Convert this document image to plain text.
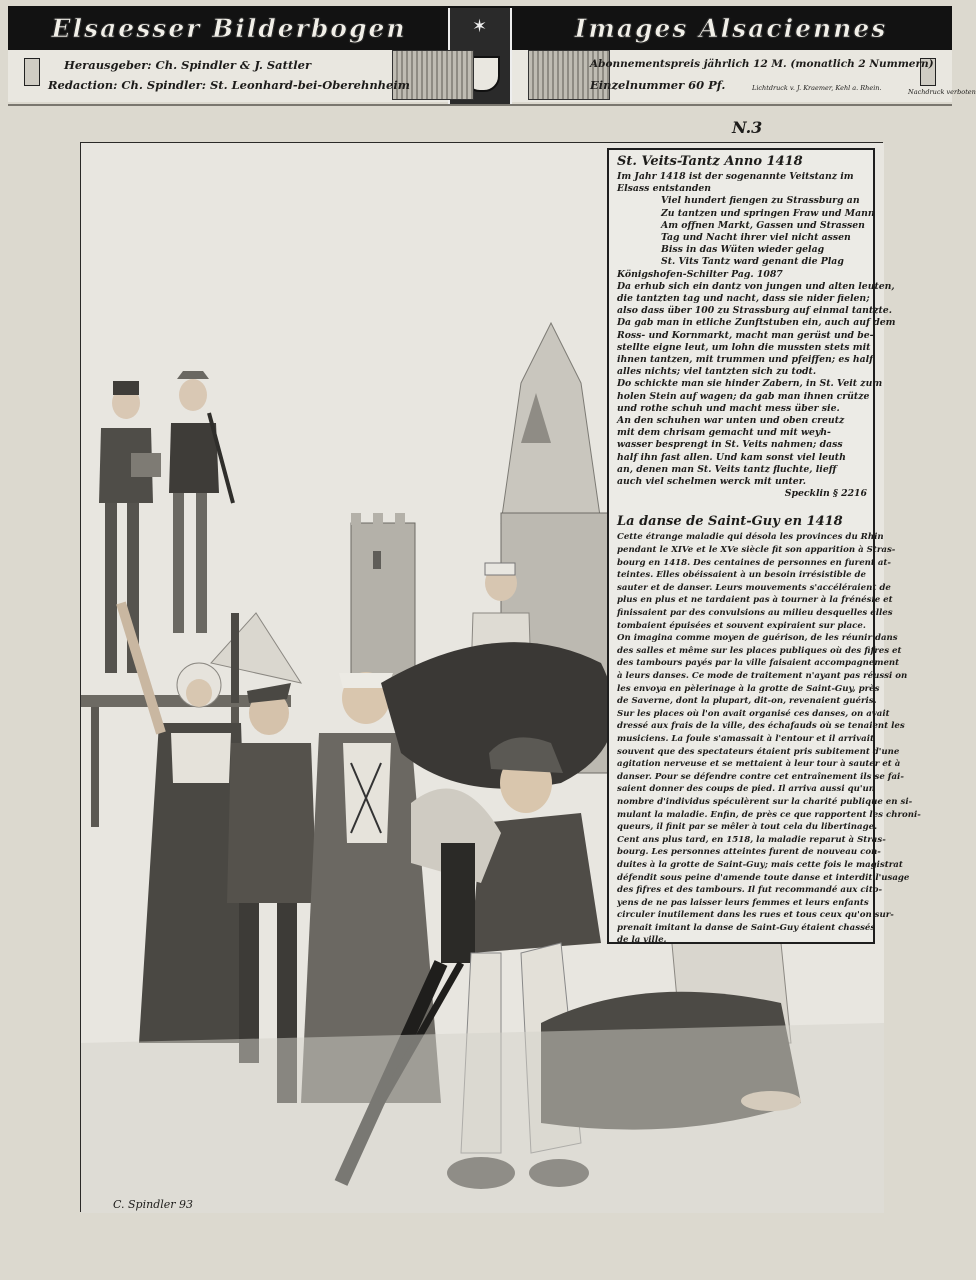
Elsaesser Bilderbogen	✶	Images Alsaciennes
Herausgeber: Ch. Spindler & J. Sattler
Redaction: Ch. Spindler: St. Leonhard-bei-Oberehnheim
Abonnementspreis jährlich 12 M. (monatlich 2 Nummern)
Einzelnummer 60 Pf.	Lichtdruck v. J. Kraemer, Kehl a. Rhein.	Nachdruck verboten
N.3
C. Spindler 93
St. Veits-Tantz Anno 1418

Im Jahr 1418 ist der sogenannte Veitstanz im

Elsass entstanden

Viel hundert fiengen zu Strassburg an

Zu tantzen und springen Fraw und Mann

Am offnen Markt, Gassen und Strassen

Tag und Nacht ihrer viel nicht assen

Biss in das Wüten wieder gelag

St. Vits Tantz ward genant die Plag

Königshofen-Schilter Pag. 1087

Da erhub sich ein dantz von jungen und alten leuten,

die tantzten tag und nacht, dass sie nider fielen;

also dass über 100 zu Strassburg auf einmal tantzte.

Da gab man in etliche Zunftstuben ein, auch auf dem

Ross- und Kornmarkt, macht man gerüst und be-

stellte eigne leut, um lohn die mussten stets mit

ihnen tantzen, mit trummen und pfeiffen; es half

alles nichts; viel tantzten sich zu todt.

Do schickte man sie hinder Zabern, in St. Veit zum

holen Stein auf wagen; da gab man ihnen crütze

und rothe schuh und macht mess über sie.

An den schuhen war unten und oben creutz

mit dem chrisam gemacht und mit weyh-

wasser besprengt in St. Veits nahmen; dass

half ihn fast allen. Und kam sonst viel leuth

an, denen man St. Veits tantz fluchte, lieff

auch viel schelmen werck mit unter.

Specklin § 2216

La danse de Saint-Guy en 1418

Cette étrange maladie qui désola les provinces du Rhin

pendant le XIVe et le XVe siècle fit son apparition à Stras-

bourg en 1418. Des centaines de personnes en furent at-

teintes. Elles obéissaient à un besoin irrésistible de

sauter et de danser. Leurs mouvements s'accéléraient de

plus en plus et ne tardaient pas à tourner à la frénésie et

finissaient par des convulsions au milieu desquelles elles

tombaient épuisées et souvent expiraient sur place.

On imagina comme moyen de guérison, de les réunir dans

des salles et même sur les places publiques où des fifres et

des tambours payés par la ville faisaient accompagnement

à leurs danses. Ce mode de traitement n'ayant pas réussi on

les envoya en pèlerinage à la grotte de Saint-Guy, près

de Saverne, dont la plupart, dit-on, revenaient guéris.

Sur les places où l'on avait organisé ces danses, on avait

dressé aux frais de la ville, des échafauds où se tenaient les

musiciens. La foule s'amassait à l'entour et il arrivait

souvent que des spectateurs étaient pris subitement d'une

agitation nerveuse et se mettaient à leur tour à sauter et à

danser. Pour se défendre contre cet entraînement ils se fai-

saient donner des coups de pied. Il arriva aussi qu'un

nombre d'individus spéculèrent sur la charité publique en si-

mulant la maladie. Enfin, de près ce que rapportent les chroni-

queurs, il finit par se mêler à tout cela du libertinage.

Cent ans plus tard, en 1518, la maladie reparut à Stras-

bourg. Les personnes atteintes furent de nouveau con-

duites à la grotte de Saint-Guy; mais cette fois le magistrat

défendit sous peine d'amende toute danse et interdit l'usage

des fifres et des tambours. Il fut recommandé aux cito-

yens de ne pas laisser leurs femmes et leurs enfants

circuler inutilement dans les rues et tous ceux qu'on sur-

prenait imitant la danse de Saint-Guy étaient chassés

de la ville.
